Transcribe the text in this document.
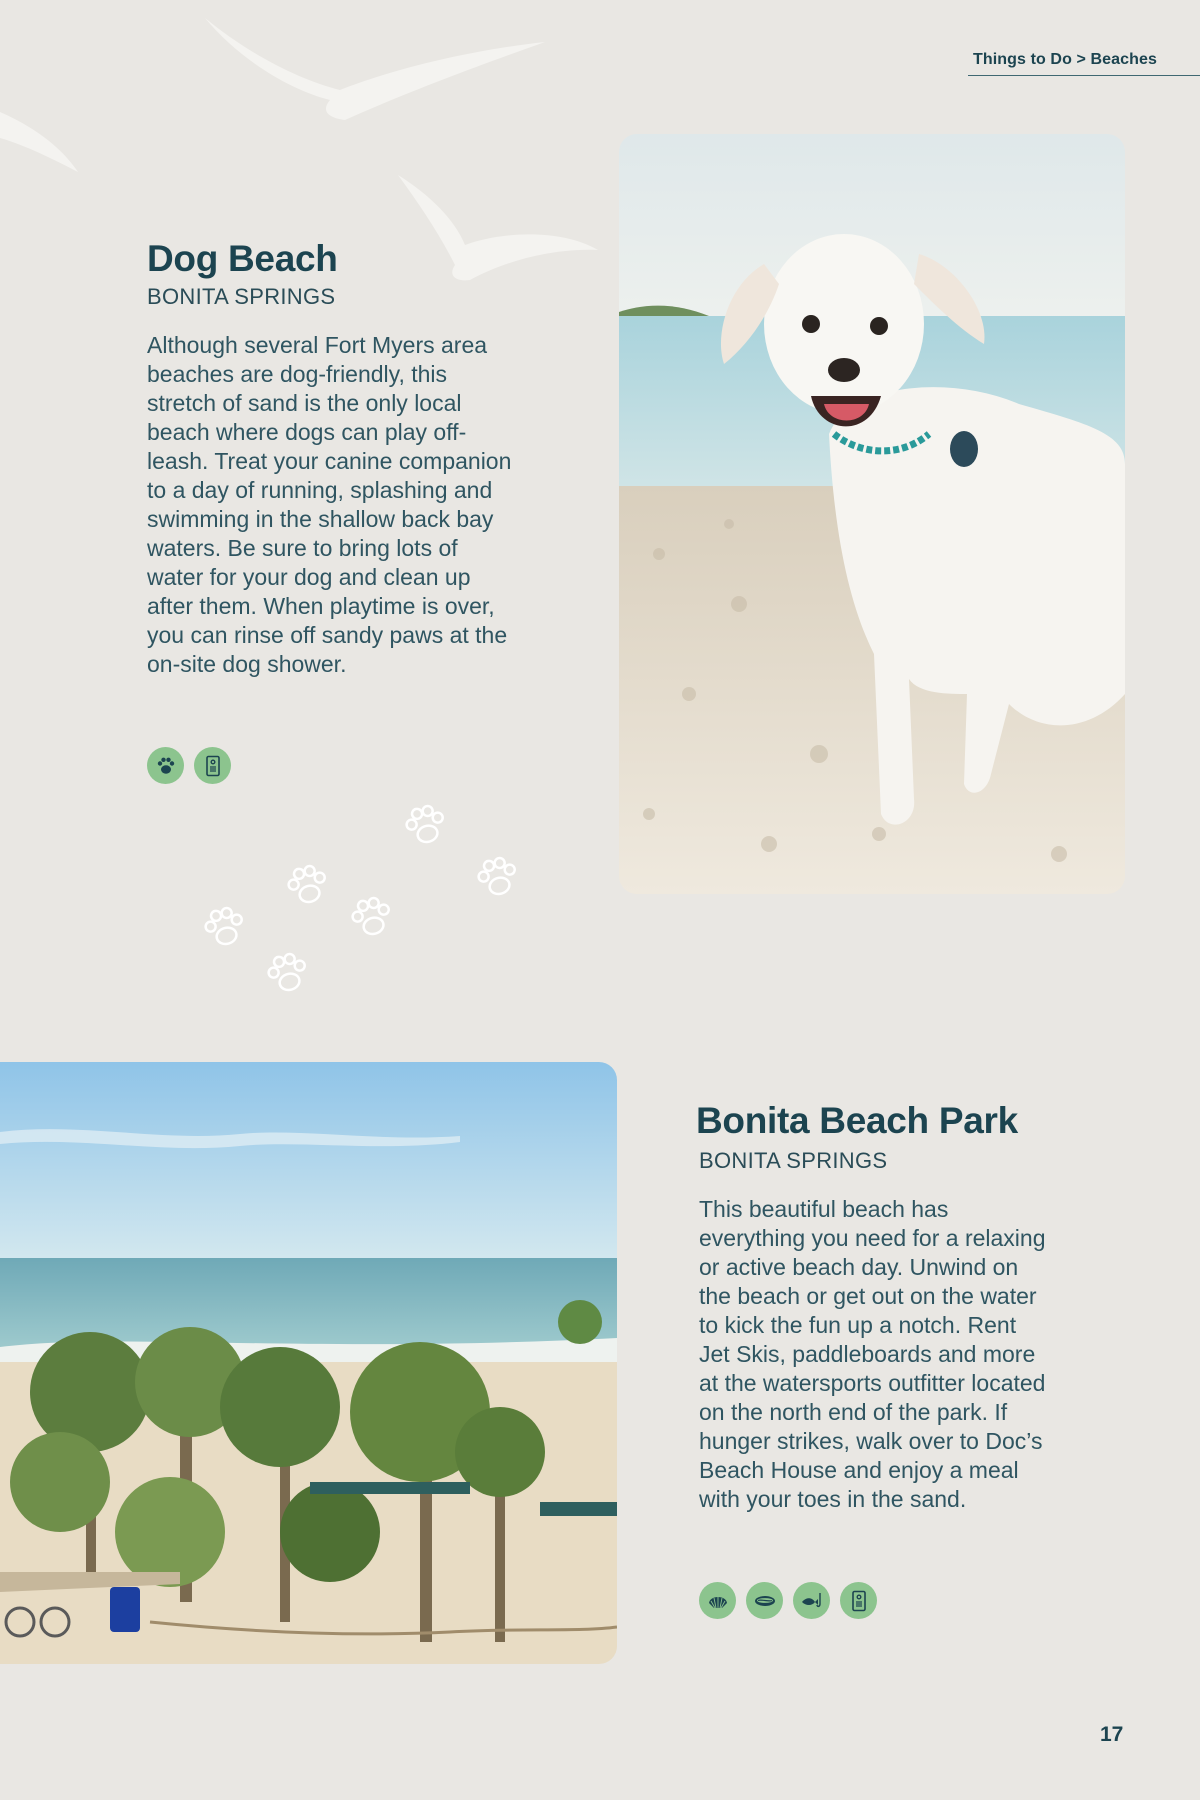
Things to Do > Beaches
Dog Beach
BONITA SPRINGS
Although several Fort Myers area beaches are dog-friendly, this stretch of sand is the only local beach where dogs can play off-leash. Treat your canine companion to a day of running, splashing and swimming in the shallow back bay waters. Be sure to bring lots of water for your dog and clean up after them. When playtime is over, you can rinse off sandy paws at the on-site dog shower.
Bonita Beach Park
BONITA SPRINGS
This beautiful beach has everything you need for a relaxing or active beach day. Unwind on the beach or get out on the water to kick the fun up a notch. Rent Jet Skis, paddleboards and more at the watersports outfitter located on the north end of the park. If hunger strikes, walk over to Doc’s Beach House and enjoy a meal with your toes in the sand.
17
